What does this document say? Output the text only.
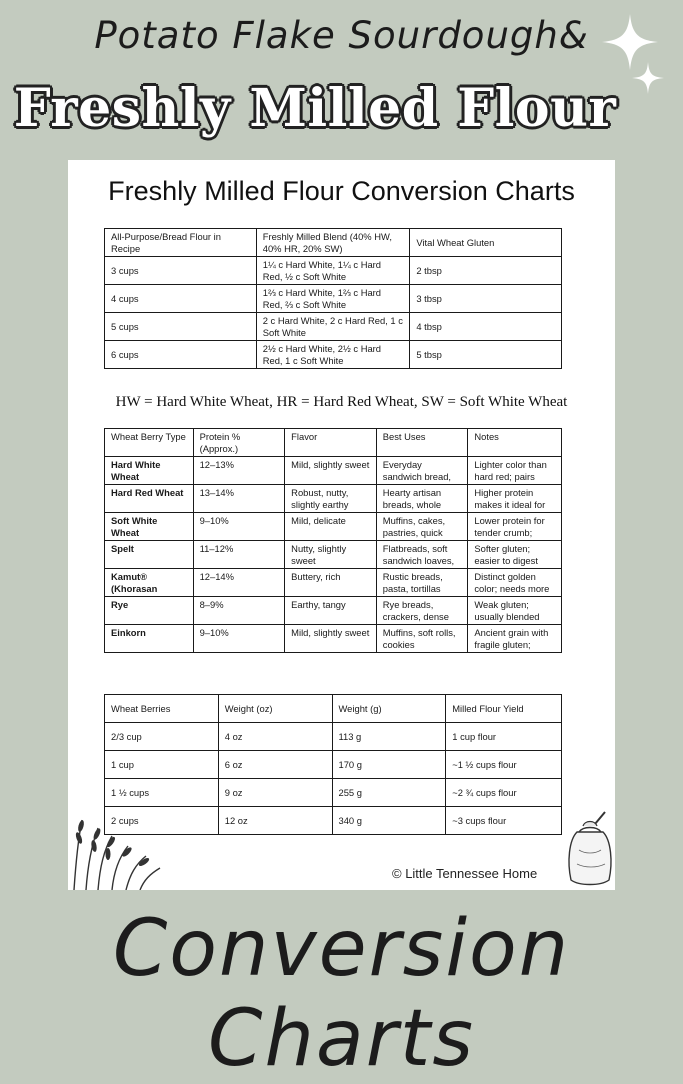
Potato Flake Sourdough&
Freshly Milled Flour
Freshly Milled Flour Conversion Charts
All-Purpose/Bread Flour in Recipe	Freshly Milled Blend (40% HW, 40% HR, 20% SW)	Vital Wheat Gluten
3 cups	1¼ c Hard White, 1¼ c Hard Red, ½ c Soft White	2 tbsp
4 cups	1⅔ c Hard White, 1⅔ c Hard Red, ⅔ c Soft White	3 tbsp
5 cups	2 c Hard White, 2 c Hard Red, 1 c Soft White	4 tbsp
6 cups	2½ c Hard White, 2½ c Hard Red, 1 c Soft White	5 tbsp
HW = Hard White Wheat, HR = Hard Red Wheat, SW = Soft White Wheat
Wheat Berry Type	Protein % (Approx.)	Flavor	Best Uses	Notes

Hard White Wheat	12–13%	Mild, slightly sweet	Everyday sandwich bread,	Lighter color than hard red; pairs

Hard Red Wheat	13–14%	Robust, nutty, slightly earthy	Hearty artisan breads, whole	Higher protein makes it ideal for

Soft White Wheat	9–10%	Mild, delicate	Muffins, cakes, pastries, quick	Lower protein for tender crumb;

Spelt	11–12%	Nutty, slightly sweet	Flatbreads, soft sandwich loaves,	Softer gluten; easier to digest

Kamut® (Khorasan	12–14%	Buttery, rich	Rustic breads, pasta, tortillas	Distinct golden color; needs more

Rye	8–9%	Earthy, tangy	Rye breads, crackers, dense	Weak gluten; usually blended

Einkorn	9–10%	Mild, slightly sweet	Muffins, soft rolls, cookies	Ancient grain with fragile gluten;
Wheat Berries	Weight (oz)	Weight (g)	Milled Flour Yield
2/3 cup	4 oz	113 g	1 cup flour
1 cup	6 oz	170 g	~1 ½ cups flour
1 ½ cups	9 oz	255 g	~2 ¾ cups flour
2 cups	12 oz	340 g	~3 cups flour
© Little Tennessee Home
Conversion Charts
